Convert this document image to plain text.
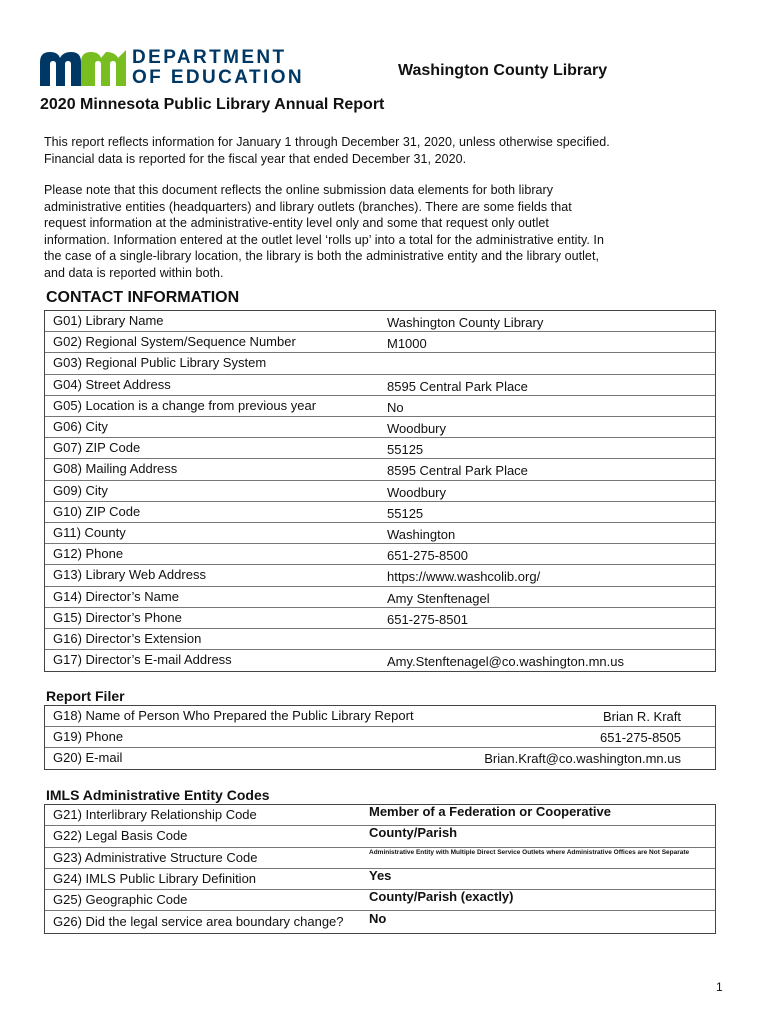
DEPARTMENT
OF EDUCATION	Washington County Library
2020 Minnesota Public Library Annual Report
This report reflects information for January 1 through December 31, 2020, unless otherwise specified.
Financial data is reported for the fiscal year that ended December 31, 2020.
Please note that this document reflects the online submission data elements for both library
administrative entities (headquarters) and library outlets (branches). There are some fields that
request information at the administrative-entity level only and some that request only outlet
information. Information entered at the outlet level ‘rolls up’ into a total for the administrative entity. In
the case of a single-library location, the library is both the administrative entity and the library outlet,
and data is reported within both.
CONTACT INFORMATION
G01) Library Name	Washington County Library
G02) Regional System/Sequence Number	M1000
G03) Regional Public Library System
G04) Street Address	8595 Central Park Place
G05) Location is a change from previous year	No
G06) City	Woodbury
G07) ZIP Code	55125
G08) Mailing Address	8595 Central Park Place
G09) City	Woodbury
G10) ZIP Code	55125
G11) County	Washington
G12) Phone	651-275-8500
G13) Library Web Address	https://www.washcolib.org/
G14) Director’s Name	Amy Stenftenagel
G15) Director’s Phone	651-275-8501
G16) Director’s Extension
G17) Director’s E-mail Address	Amy.Stenftenagel@co.washington.mn.us
Report Filer
G18) Name of Person Who Prepared the Public Library Report	Brian R. Kraft
G19) Phone	651-275-8505
G20) E-mail	Brian.Kraft@co.washington.mn.us
IMLS Administrative Entity Codes
G21) Interlibrary Relationship Code	Member of a Federation or Cooperative
G22) Legal Basis Code	County/Parish
G23) Administrative Structure Code	Administrative Entity with Multiple Direct Service Outlets where Administrative Offices are Not Separate
G24) IMLS Public Library Definition	Yes
G25) Geographic Code	County/Parish (exactly)
G26) Did the legal service area boundary change? No
1
